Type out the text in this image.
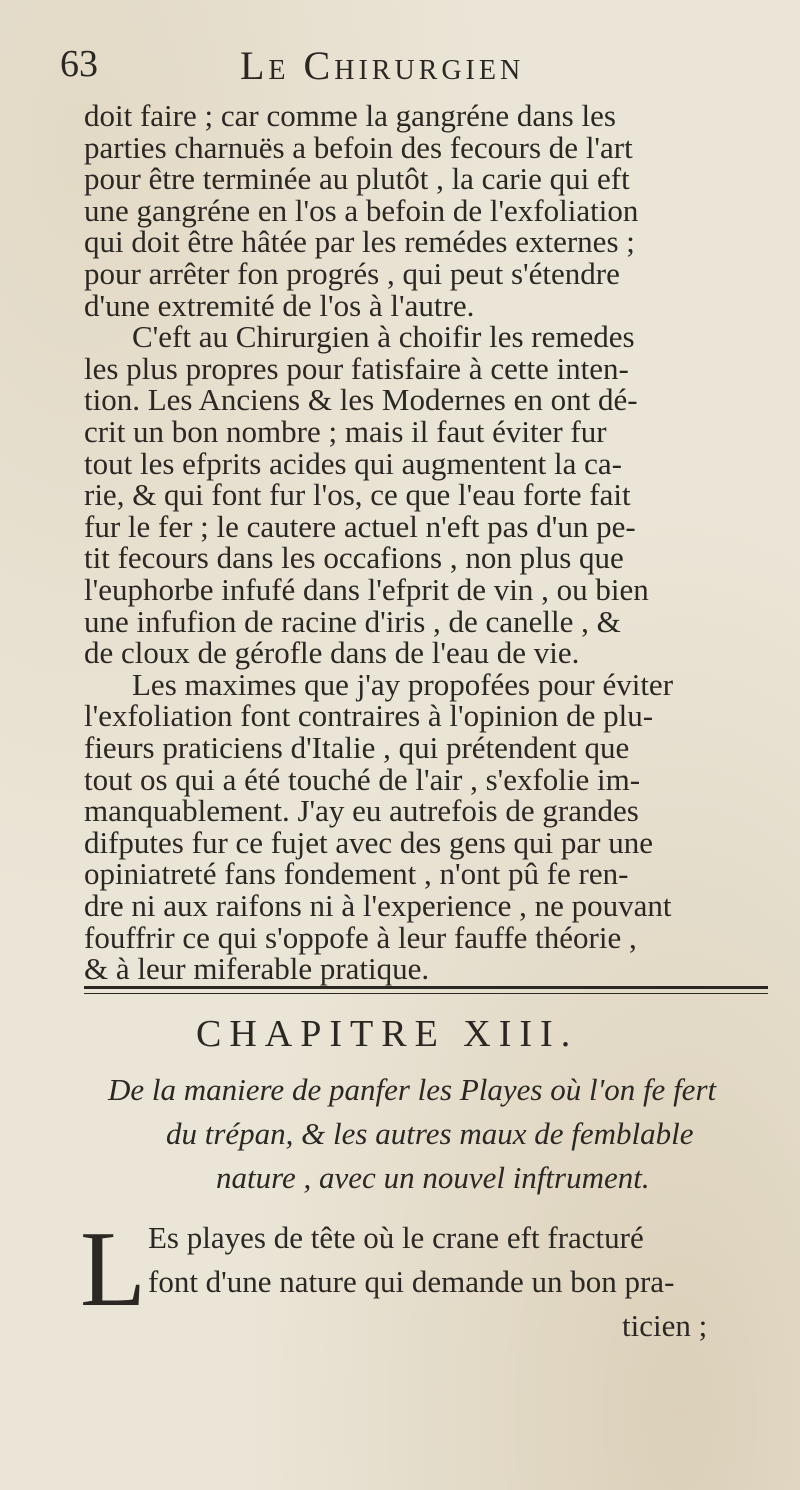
63	Le Chirurgien
doit faire ; car comme la gangréne dans les
parties charnuës a befoin des fecours de l'art
pour être terminée au plutôt , la carie qui eft
une gangréne en l'os a befoin de l'exfoliation
qui doit être hâtée par les remédes externes ;
pour arrêter fon progrés , qui peut s'étendre
d'une extremité de l'os à l'autre.
C'eft au Chirurgien à choifir les remedes
les plus propres pour fatisfaire à cette inten-
tion. Les Anciens & les Modernes en ont dé-
crit un bon nombre ; mais il faut éviter fur
tout les efprits acides qui augmentent la ca-
rie, & qui font fur l'os, ce que l'eau forte fait
fur le fer ; le cautere actuel n'eft pas d'un pe-
tit fecours dans les occafions , non plus que
l'euphorbe infufé dans l'efprit de vin , ou bien
une infufion de racine d'iris , de canelle , &
de cloux de gérofle dans de l'eau de vie.
Les maximes que j'ay propofées pour éviter
l'exfoliation font contraires à l'opinion de plu-
fieurs praticiens d'Italie , qui prétendent que
tout os qui a été touché de l'air , s'exfolie im-
manquablement. J'ay eu autrefois de grandes
difputes fur ce fujet avec des gens qui par une
opiniatreté fans fondement , n'ont pû fe ren-
dre ni aux raifons ni à l'experience , ne pouvant
fouffrir ce qui s'oppofe à leur fauffe théorie ,
& à leur miferable pratique.
CHAPITRE XIII.
De la maniere de panfer les Playes où l'on fe fert
du trépan, & les autres maux de femblable
nature , avec un nouvel inftrument.
L Es playes de tête où le crane eft fracturé
font d'une nature qui demande un bon pra-
ticien ;
